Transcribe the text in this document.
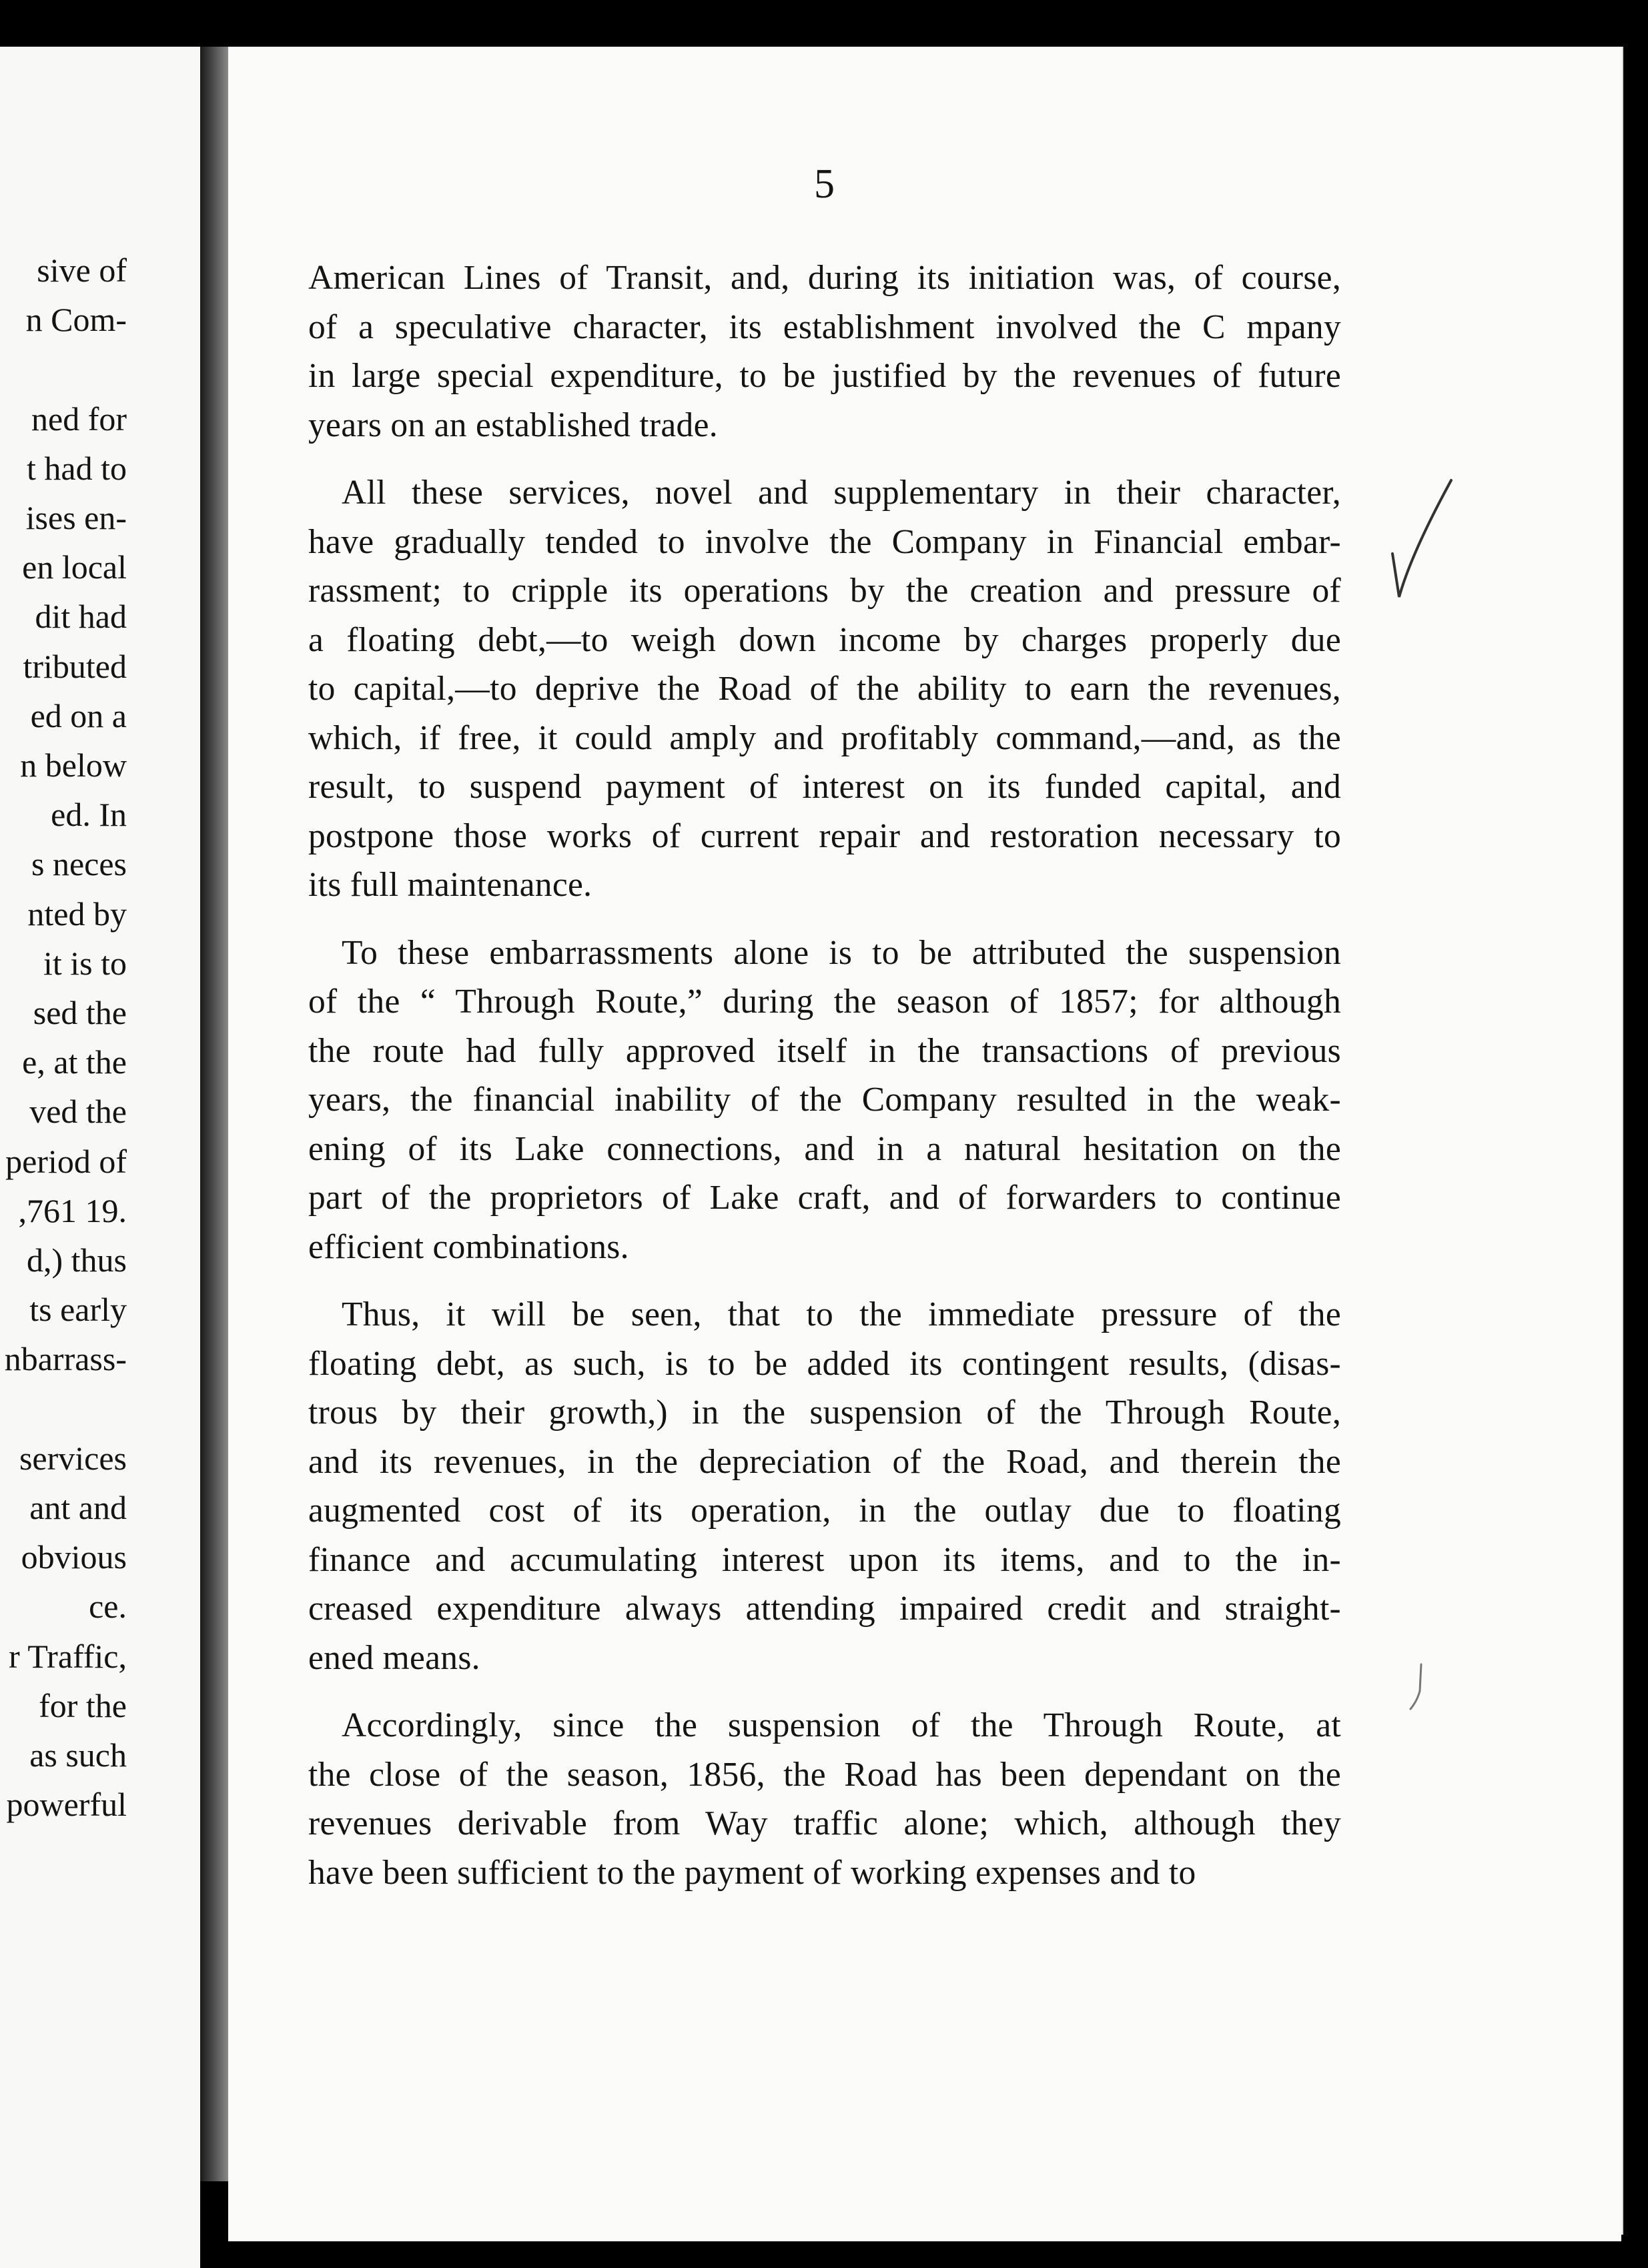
sive of
n Com-
ned for
t had to
ises en-
en local
dit had
tributed
ed on a
n below
ed. In
s neces
nted by
it is to
sed the
e, at the
ved the
period of
,761 19.
d,) thus
ts early
nbarrass-
services
ant and
obvious
ce.
r Traffic,
for the
as such
powerful
5
American Lines of Transit, and, during its initiation was, of course,
of a speculative character, its establishment involved the C mpany
in large special expenditure, to be justified by the revenues of future
years on an established trade.
All these services, novel and supplementary in their character,
have gradually tended to involve the Company in Financial embar-
rassment; to cripple its operations by the creation and pressure of
a floating debt,—to weigh down income by charges properly due
to capital,—to deprive the Road of the ability to earn the revenues,
which, if free, it could amply and profitably command,—and, as the
result, to suspend payment of interest on its funded capital, and
postpone those works of current repair and restoration necessary to
its full maintenance.
To these embarrassments alone is to be attributed the suspension
of the “ Through Route,” during the season of 1857; for although
the route had fully approved itself in the transactions of previous
years, the financial inability of the Company resulted in the weak-
ening of its Lake connections, and in a natural hesitation on the
part of the proprietors of Lake craft, and of forwarders to continue
efficient combinations.
Thus, it will be seen, that to the immediate pressure of the
floating debt, as such, is to be added its contingent results, (disas-
trous by their growth,) in the suspension of the Through Route,
and its revenues, in the depreciation of the Road, and therein the
augmented cost of its operation, in the outlay due to floating
finance and accumulating interest upon its items, and to the in-
creased expenditure always attending impaired credit and straight-
ened means.
Accordingly, since the suspension of the Through Route, at
the close of the season, 1856, the Road has been dependant on the
revenues derivable from Way traffic alone; which, although they
have been sufficient to the payment of working expenses and to
